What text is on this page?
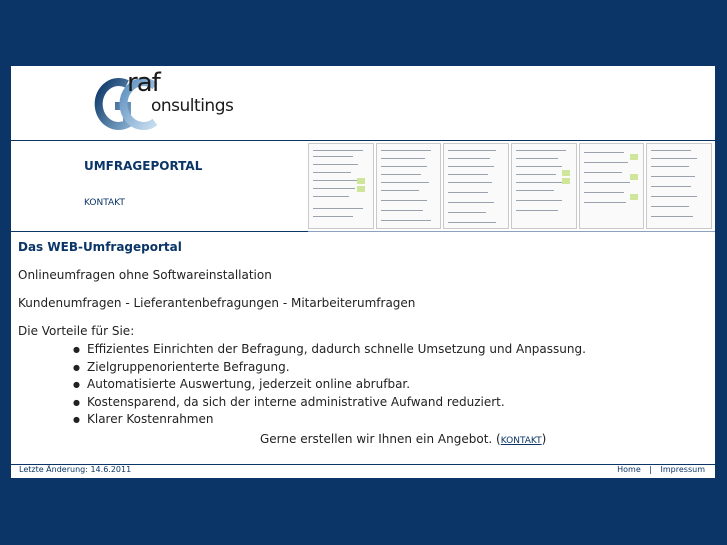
raf
onsultings
UMFRAGEPORTAL
KONTAKT
Das WEB-Umfrageportal
Onlineumfragen ohne Softwareinstallation
Kundenumfragen - Lieferantenbefragungen - Mitarbeiterumfragen
Die Vorteile für Sie:
● Effizientes Einrichten der Befragung, dadurch schnelle Umsetzung und Anpassung.
● Zielgruppenorienterte Befragung.
● Automatisierte Auswertung, jederzeit online abrufbar.
● Kostensparend, da sich der interne administrative Aufwand reduziert.
● Klarer Kostenrahmen
Gerne erstellen wir Ihnen ein Angebot. (KONTAKT)
Letzte Änderung: 14.6.2011	Home | Impressum
